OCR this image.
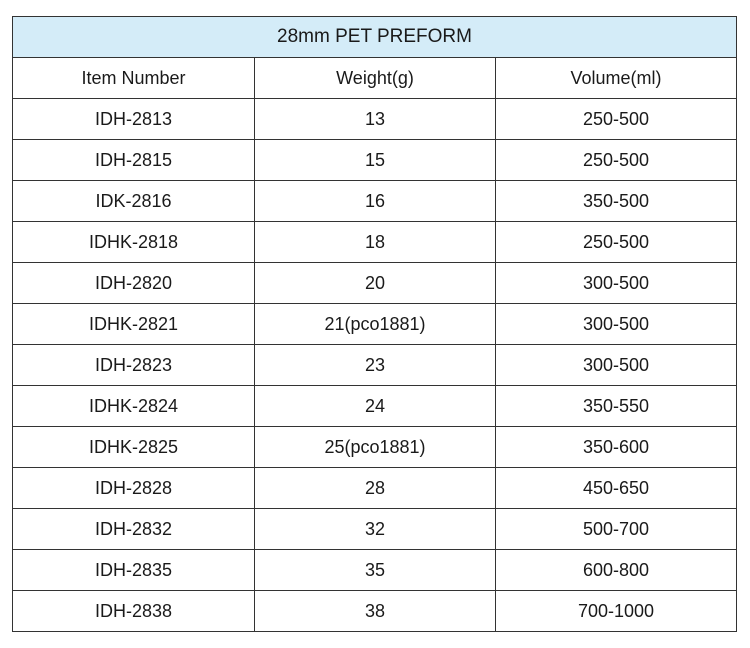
28mm PET PREFORM		
Item Number	Weight(g)	Volume(ml)
IDH-2813	13	250-500
IDH-2815	15	250-500
IDK-2816	16	350-500
IDHK-2818	18	250-500
IDH-2820	20	300-500
IDHK-2821	21(pco1881)	300-500
IDH-2823	23	300-500
IDHK-2824	24	350-550
IDHK-2825	25(pco1881)	350-600
IDH-2828	28	450-650
IDH-2832	32	500-700
IDH-2835	35	600-800
IDH-2838	38	700-1000
